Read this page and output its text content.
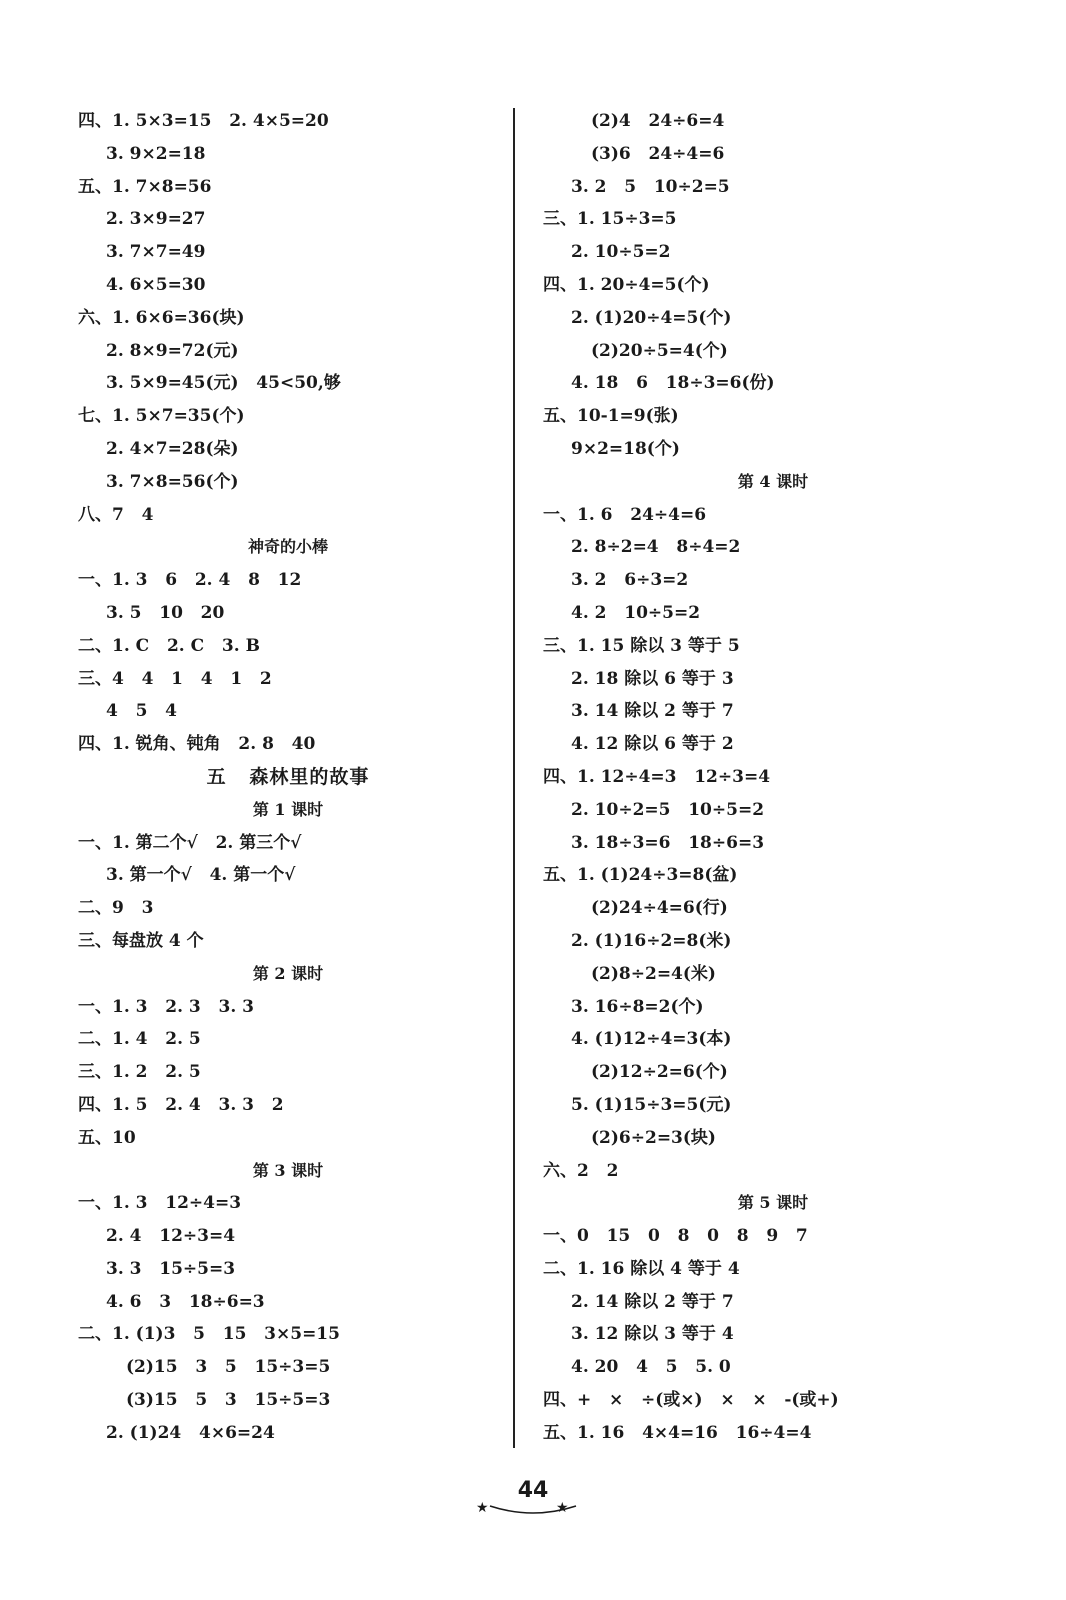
四、1. 5×3=15   2. 4×5=20
3. 9×2=18
五、1. 7×8=56
2. 3×9=27
3. 7×7=49
4. 6×5=30
六、1. 6×6=36(块)
2. 8×9=72(元)
3. 5×9=45(元)   45<50,够
七、1. 5×7=35(个)
2. 4×7=28(朵)
3. 7×8=56(个)
八、7   4
神奇的小棒
一、1. 3   6   2. 4   8   12
3. 5   10   20
二、1. C   2. C   3. B
三、4   4   1   4   1   2
4   5   4
四、1. 锐角、钝角   2. 8   40
五   森林里的故事
第 1 课时
一、1. 第二个√   2. 第三个√
3. 第一个√   4. 第一个√
二、9   3
三、每盘放 4 个
第 2 课时
一、1. 3   2. 3   3. 3
二、1. 4   2. 5
三、1. 2   2. 5
四、1. 5   2. 4   3. 3   2
五、10
第 3 课时
一、1. 3   12÷4=3
2. 4   12÷3=4
3. 3   15÷5=3
4. 6   3   18÷6=3
二、1. (1)3   5   15   3×5=15
(2)15   3   5   15÷3=5
(3)15   5   3   15÷5=3
2. (1)24   4×6=24
(2)4   24÷6=4
(3)6   24÷4=6
3. 2   5   10÷2=5
三、1. 15÷3=5
2. 10÷5=2
四、1. 20÷4=5(个)
2. (1)20÷4=5(个)
(2)20÷5=4(个)
4. 18   6   18÷3=6(份)
五、10-1=9(张)
9×2=18(个)
第 4 课时
一、1. 6   24÷4=6
2. 8÷2=4   8÷4=2
3. 2   6÷3=2
4. 2   10÷5=2
三、1. 15 除以 3 等于 5
2. 18 除以 6 等于 3
3. 14 除以 2 等于 7
4. 12 除以 6 等于 2
四、1. 12÷4=3   12÷3=4
2. 10÷2=5   10÷5=2
3. 18÷3=6   18÷6=3
五、1. (1)24÷3=8(盆)
(2)24÷4=6(行)
2. (1)16÷2=8(米)
(2)8÷2=4(米)
3. 16÷8=2(个)
4. (1)12÷4=3(本)
(2)12÷2=6(个)
5. (1)15÷3=5(元)
(2)6÷2=3(块)
六、2   2
第 5 课时
一、0   15   0   8   0   8   9   7
二、1. 16 除以 4 等于 4
2. 14 除以 2 等于 7
3. 12 除以 3 等于 4
4. 20   4   5   5. 0
四、+   ×   ÷(或×)   ×   ×   -(或+)
五、1. 16   4×4=16   16÷4=4
★
44
★
